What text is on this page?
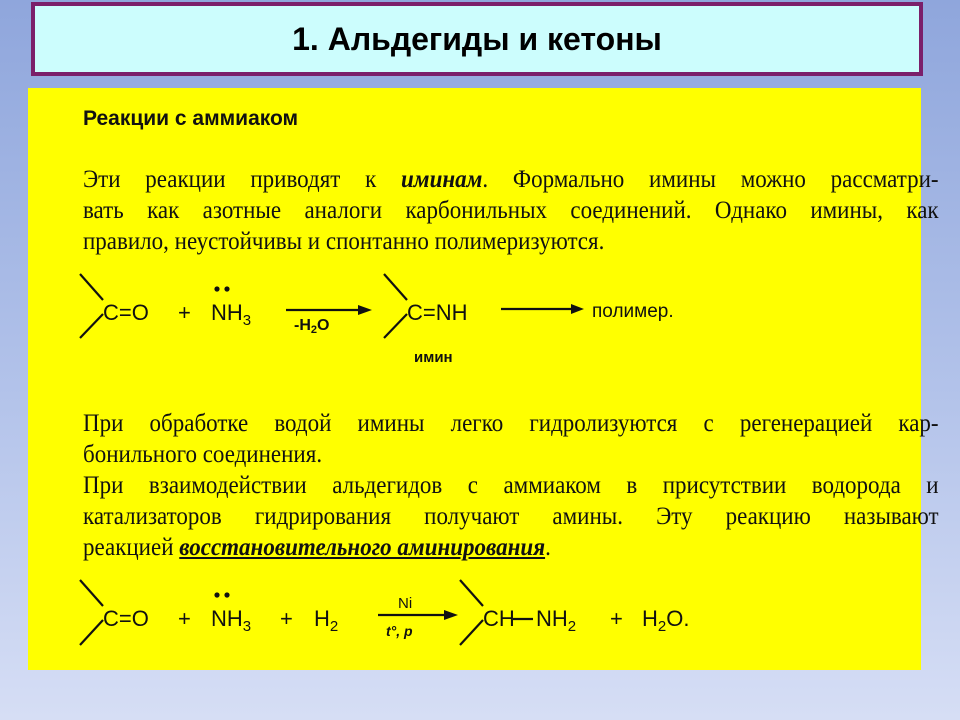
1. Альдегиды и кетоны

Реакции с аммиаком

Эти реакции приводят к иминам. Формально имины можно рассматри-
вать как азотные аналоги карбонильных соединений. Однако имины, как
правило, неустойчивы и спонтанно полимеризуются.

При обработке водой имины легко гидролизуются с регенерацией кар-
бонильного соединения.

При взаимодействии альдегидов с аммиаком в присутствии водорода и
катализаторов гидрирования получают амины. Эту реакцию называют
реакцией восстановительного аминирования.

$C=O + NH_3$	-H2O
C=NH
имин
полимер.
$C=O + NH_3 + H_2$
Ni
t°, p	CH $NH_2 + H_2O$.
